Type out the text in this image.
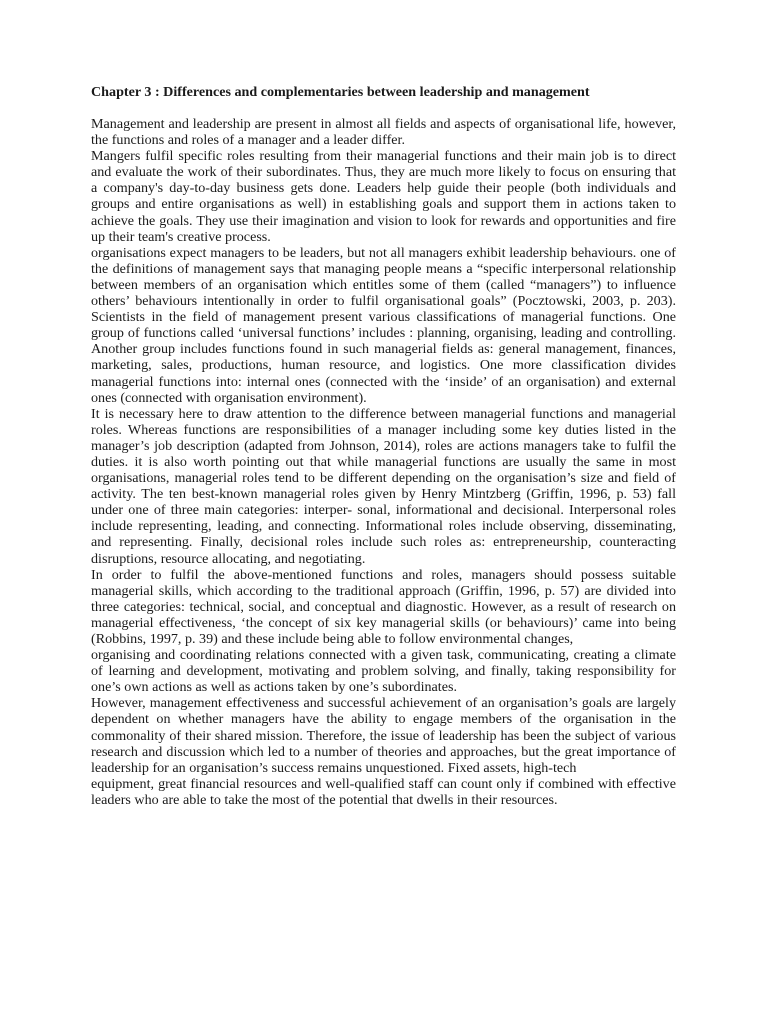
Chapter 3 : Differences and complementaries between leadership and management

Management and leadership are present in almost all fields and aspects of organisational life, however, the functions and roles of a manager and a leader differ.

Mangers fulfil specific roles resulting from their managerial functions and their main job is to direct and evaluate the work of their subordinates. Thus, they are much more likely to focus on ensuring that a company's day-to-day business gets done. Leaders help guide their people (both individuals and groups and entire organisations as well) in establishing goals and support them in actions taken to achieve the goals. They use their imagination and vision to look for rewards and opportunities and fire up their team's creative process.

organisations expect managers to be leaders, but not all managers exhibit leadership behaviours. one of the definitions of management says that managing people means a “specific interpersonal relationship between members of an organisation which entitles some of them (called “managers”) to influence others’ behaviours intentionally in order to fulfil organisational goals” (Pocztowski, 2003, p. 203). Scientists in the field of management present various classifications of managerial functions. One group of functions called ‘universal functions’ includes : planning, organising, leading and controlling. Another group includes functions found in such managerial fields as: general management, finances, marketing, sales, productions, human resource, and logistics. One more classification divides managerial functions into: internal ones (connected with the ‘inside’ of an organisation) and external ones (connected with organisation environment).

It is necessary here to draw attention to the difference between managerial functions and managerial roles. Whereas functions are responsibilities of a manager including some key duties listed in the manager’s job description (adapted from Johnson, 2014), roles are actions managers take to fulfil the duties. it is also worth pointing out that while managerial functions are usually the same in most organisations, managerial roles tend to be different depending on the organisation’s size and field of activity. The ten best-known managerial roles given by Henry Mintzberg (Griffin, 1996, p. 53) fall under one of three main categories: interper- sonal, informational and decisional. Interpersonal roles include representing, leading, and connecting. Informational roles include observing, disseminating, and representing. Finally, decisional roles include such roles as: entrepreneurship, counteracting disruptions, resource allocating, and negotiating.

In order to fulfil the above-mentioned functions and roles, managers should possess suitable managerial skills, which according to the traditional approach (Griffin, 1996, p. 57) are divided into three categories: technical, social, and conceptual and diagnostic. However, as a result of research on managerial effectiveness, ‘the concept of six key managerial skills (or behaviours)’ came into being (Robbins, 1997, p. 39) and these include being able to follow environmental changes,

organising and coordinating relations connected with a given task, communicating, creating a climate of learning and development, motivating and problem solving, and finally, taking responsibility for one’s own actions as well as actions taken by one’s subordinates.

However, management effectiveness and successful achievement of an organisation’s goals are largely dependent on whether managers have the ability to engage members of the organisation in the commonality of their shared mission. Therefore, the issue of leadership has been the subject of various research and discussion which led to a number of theories and approaches, but the great importance of leadership for an organisation’s success remains unquestioned. Fixed assets, high-tech

equipment, great financial resources and well-qualified staff can count only if combined with effective leaders who are able to take the most of the potential that dwells in their resources.
